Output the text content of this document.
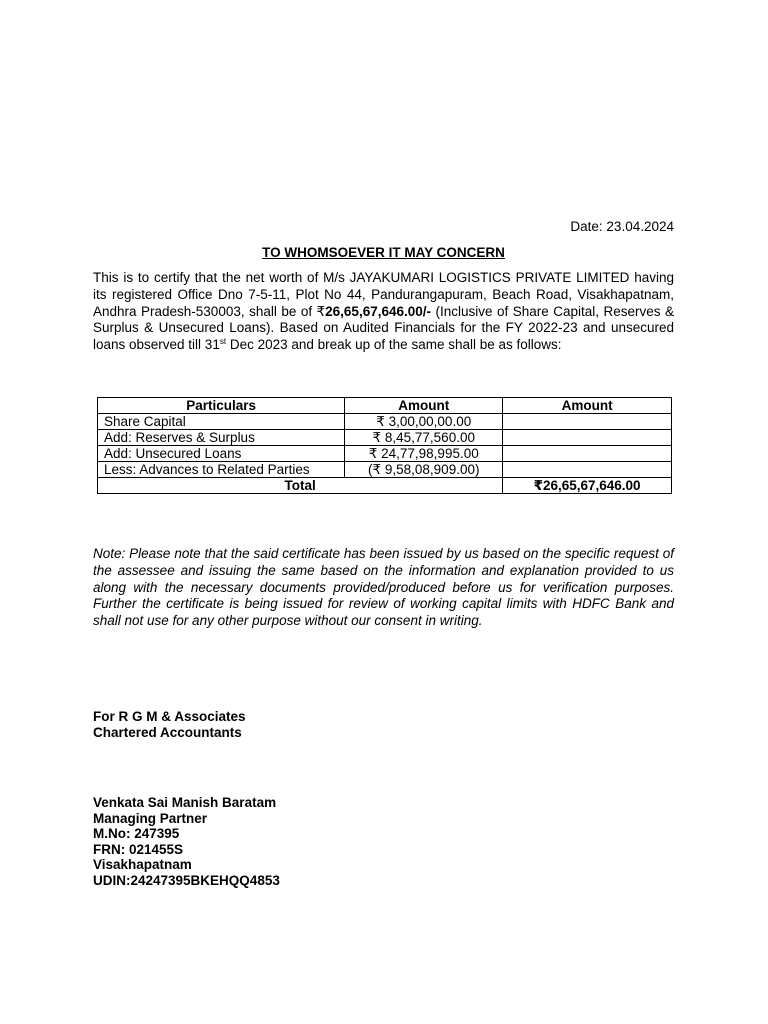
Date: 23.04.2024
TO WHOMSOEVER IT MAY CONCERN

This is to certify that the net worth of M/s JAYAKUMARI LOGISTICS PRIVATE LIMITED having its registered Office Dno 7-5-11, Plot No 44, Pandurangapuram, Beach Road, Visakhapatnam, Andhra Pradesh-530003, shall be of ₹26,65,67,646.00/- (Inclusive of Share Capital, Reserves & Surplus & Unsecured Loans). Based on Audited Financials for the FY 2022-23 and unsecured loans observed till 31st Dec 2023 and break up of the same shall be as follows:

Particulars	Amount	Amount
Share Capital	₹ 3,00,00,00.00	
Add: Reserves & Surplus	₹ 8,45,77,560.00	
Add: Unsecured Loans	₹ 24,77,98,995.00	
Less: Advances to Related Parties	(₹ 9,58,08,909.00)	
Total		₹26,65,67,646.00

Note: Please note that the said certificate has been issued by us based on the specific request of the assessee and issuing the same based on the information and explanation provided to us along with the necessary documents provided/produced before us for verification purposes. Further the certificate is being issued for review of working capital limits with HDFC Bank and shall not use for any other purpose without our consent in writing.

For R G M & Associates
Chartered Accountants
Venkata Sai Manish Baratam
Managing Partner
M.No: 247395
FRN: 021455S
Visakhapatnam
UDIN:24247395BKEHQQ4853
